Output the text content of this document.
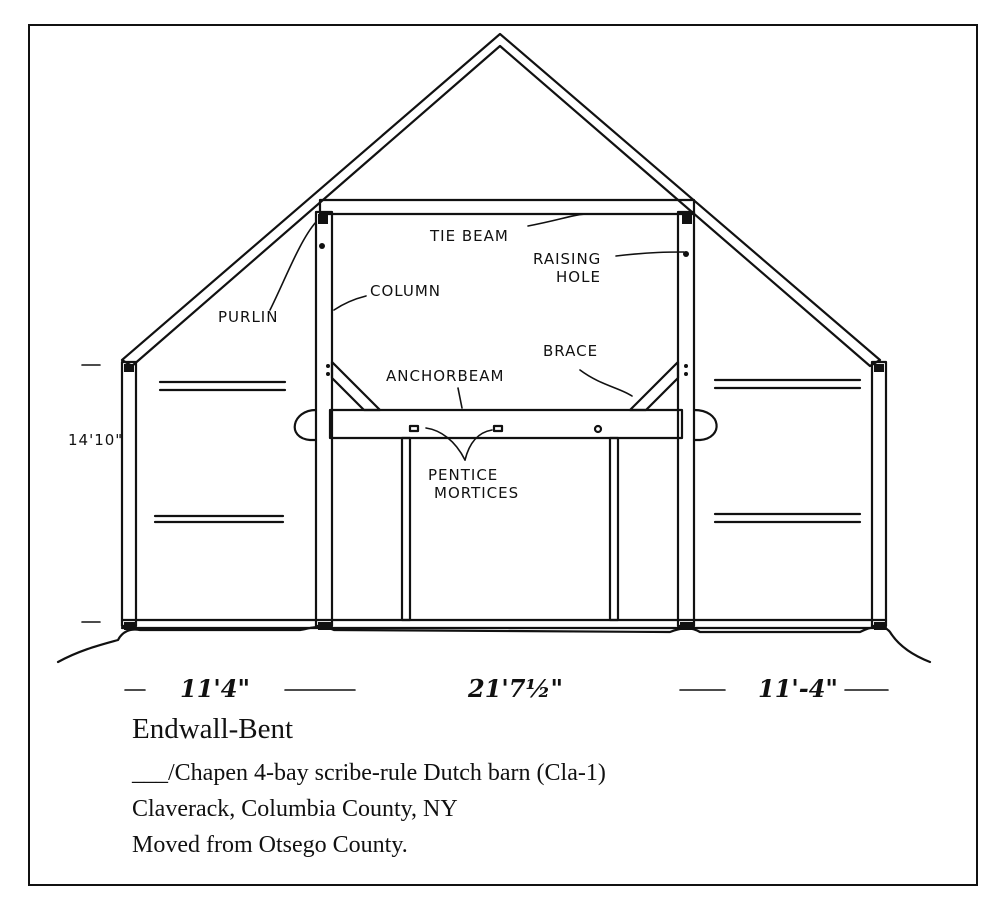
TIE BEAM
RAISING
HOLE
COLUMN
PURLIN
BRACE
ANCHORBEAM
PENTICE
MORTICES
14'10"
11'4"	21'7½"	11'-4"

Endwall-Bent

___/Chapen 4-bay scribe-rule Dutch barn (Cla-1)

Claverack, Columbia County, NY

Moved from Otsego County.
